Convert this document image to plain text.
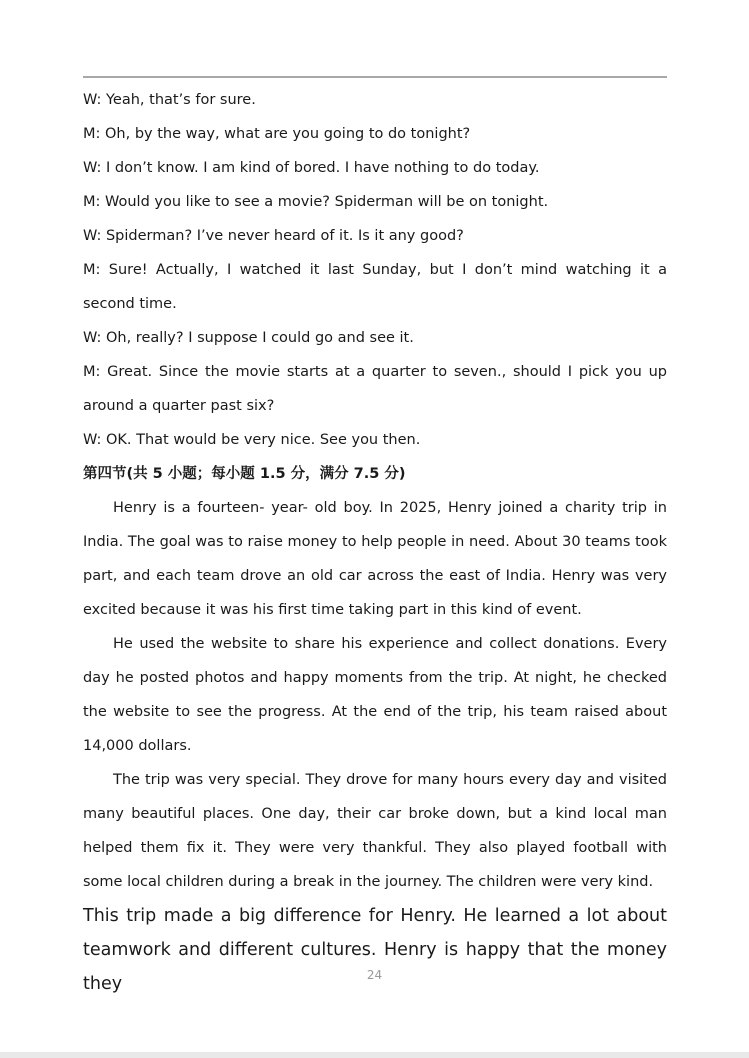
W: Yeah, that’s for sure.

M: Oh, by the way, what are you going to do tonight?

W: I don’t know. I am kind of bored. I have nothing to do today.

M: Would you like to see a movie? Spiderman will be on tonight.

W: Spiderman? I’ve never heard of it. Is it any good?

M: Sure! Actually, I watched it last Sunday, but I don’t mind watching it a second time.

W: Oh, really? I suppose I could go and see it.

M: Great. Since the movie starts at a quarter to seven., should I pick you up around a quarter past six?

W: OK. That would be very nice. See you then.

第四节(共 5 小题；每小题 1.5 分，满分 7.5 分)

Henry is a fourteen- year- old boy. In 2025, Henry joined a charity trip in India. The goal was to raise money to help people in need. About 30 teams took part, and each team drove an old car across the east of India. Henry was very excited because it was his first time taking part in this kind of event.

He used the website to share his experience and collect donations. Every day he posted photos and happy moments from the trip. At night, he checked the website to see the progress. At the end of the trip, his team raised about 14,000 dollars.

The trip was very special. They drove for many hours every day and visited many beautiful places. One day, their car broke down, but a kind local man helped them fix it. They were very thankful. They also played football with some local children during a break in the journey. The children were very kind.

This trip made a big difference for Henry. He learned a lot about teamwork and different cultures. Henry is happy that the money they	24
